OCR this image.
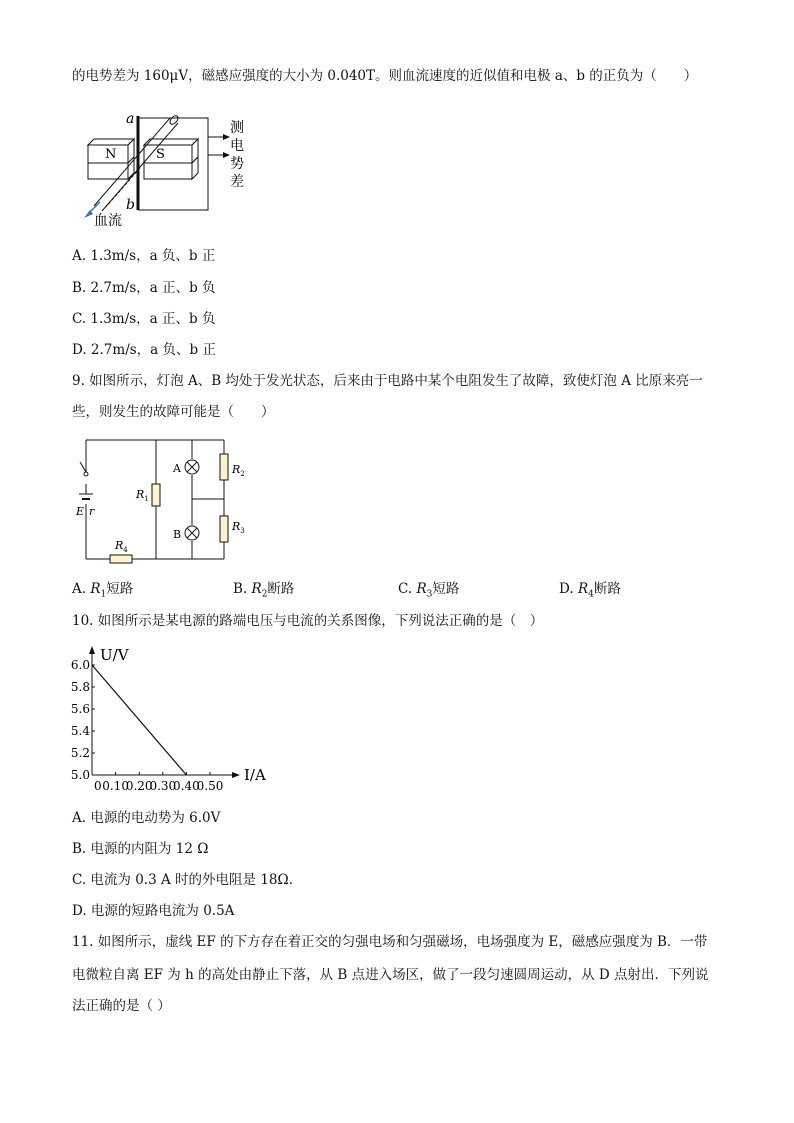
的电势差为 160μV，磁感应强度的大小为 0.040T。则血流速度的近似值和电极 a、b 的正负为（　　）
N	S
a
b
血流
测
电
势
差
A. 1.3m/s，a 负、b 正
B. 2.7m/s，a 正、b 负
C. 1.3m/s，a 正、b 负
D. 2.7m/s，a 负、b 正
9. 如图所示，灯泡 A、B 均处于发光状态，后来由于电路中某个电阻发生了故障，致使灯泡 A 比原来亮一
些，则发生的故障可能是（　　）
E r
$R_1$
$R_2$
$R_3$
$R_4$
A
B
A. $R_1$短路	B. $R_2$断路	C. $R_3$短路	D. $R_4$断路
10. 如图所示是某电源的路端电压与电流的关系图像，下列说法正确的是（　）
U/V
I/A
5.0
5.2
5.4
5.6
5.8
6.0
0 0.10
0.20
0.30
0.40
0.50
A. 电源的电动势为 6.0V
B. 电源的内阻为 12 Ω
C. 电流为 0.3 A 时的外电阻是 18Ω.
D. 电源的短路电流为 0.5A
11. 如图所示，虚线 EF 的下方存在着正交的匀强电场和匀强磁场，电场强度为 E，磁感应强度为 B．一带
电微粒自离 EF 为 h 的高处由静止下落，从 B 点进入场区，做了一段匀速圆周运动，从 D 点射出．下列说
法正确的是（ ）
